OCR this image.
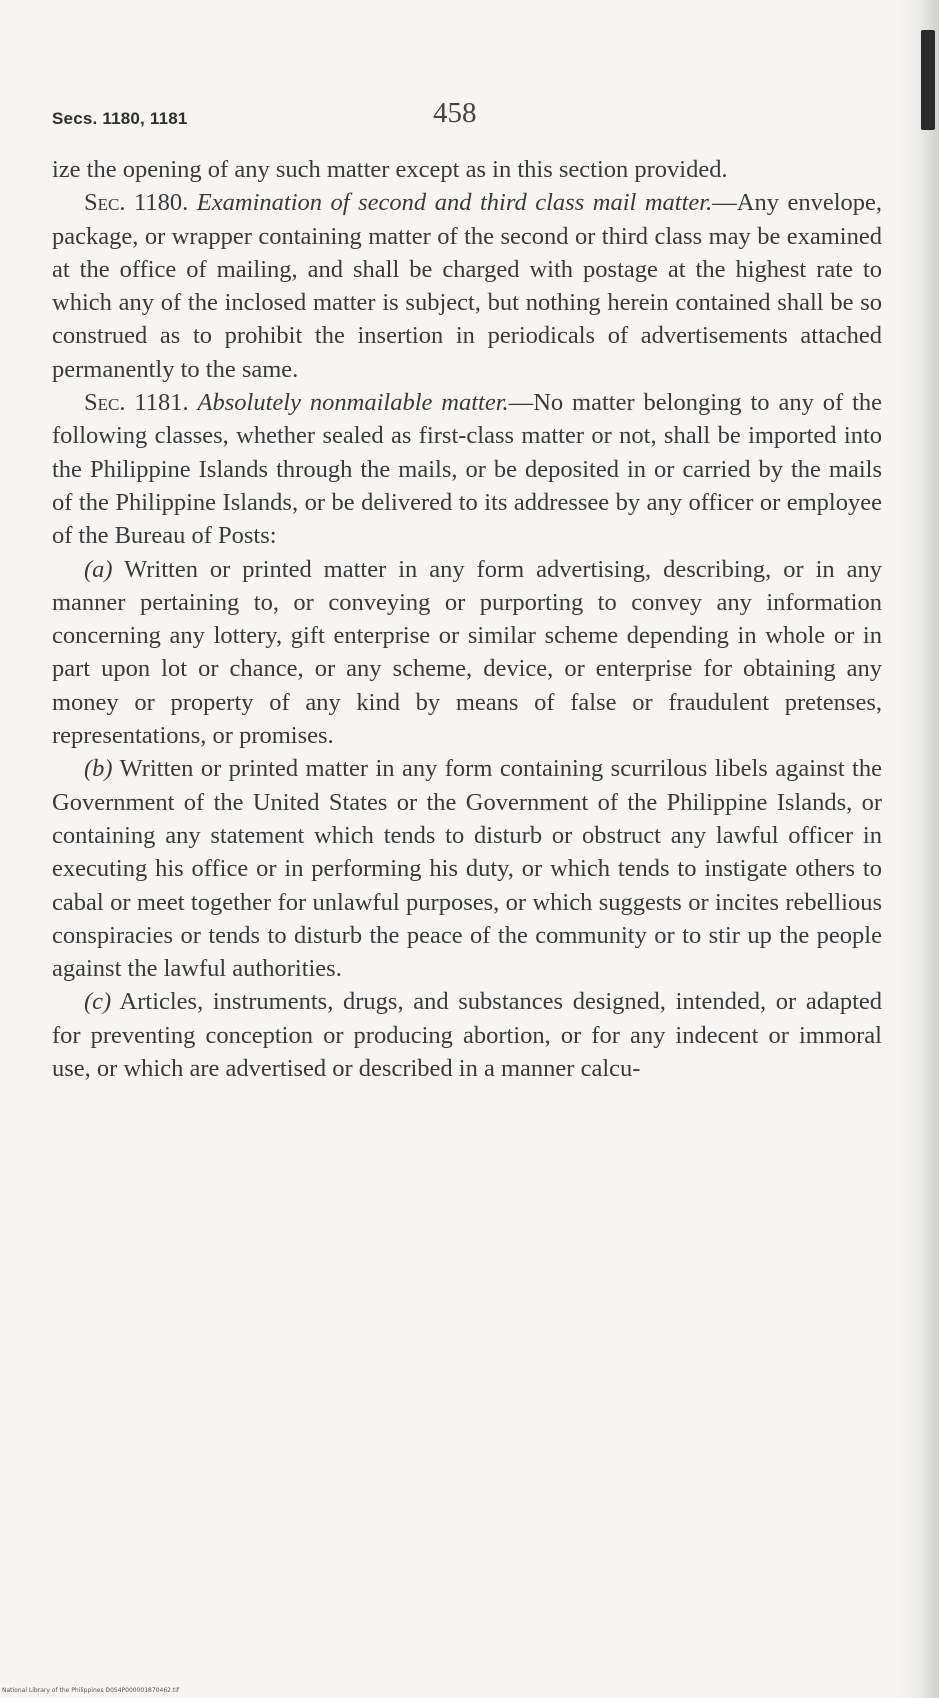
Secs. 1180, 1181	458

ize the opening of any such matter except as in this section provided.

Sec. 1180. Examination of second and third class mail matter.—Any envelope, package, or wrapper containing matter of the second or third class may be examined at the office of mailing, and shall be charged with postage at the highest rate to which any of the inclosed matter is subject, but nothing herein contained shall be so construed as to prohibit the insertion in periodicals of advertisements attached permanently to the same.

Sec. 1181. Absolutely nonmailable matter.—No matter belonging to any of the following classes, whether sealed as first-class matter or not, shall be imported into the Philippine Islands through the mails, or be deposited in or carried by the mails of the Philippine Islands, or be delivered to its addressee by any officer or employee of the Bureau of Posts:

(a) Written or printed matter in any form advertising, describing, or in any manner pertaining to, or conveying or purporting to convey any information concerning any lottery, gift enterprise or similar scheme depending in whole or in part upon lot or chance, or any scheme, device, or enterprise for obtaining any money or property of any kind by means of false or fraudulent pretenses, representations, or promises.

(b) Written or printed matter in any form containing scurrilous libels against the Government of the United States or the Government of the Philippine Islands, or containing any statement which tends to disturb or obstruct any lawful officer in executing his office or in performing his duty, or which tends to instigate others to cabal or meet together for unlawful purposes, or which suggests or incites rebellious conspiracies or tends to disturb the peace of the community or to stir up the people against the lawful authorities.

(c) Articles, instruments, drugs, and substances designed, intended, or adapted for preventing conception or producing abortion, or for any indecent or immoral use, or which are advertised or described in a manner calcu-

National Library of the Philippines D0S4P000001870462.tif
